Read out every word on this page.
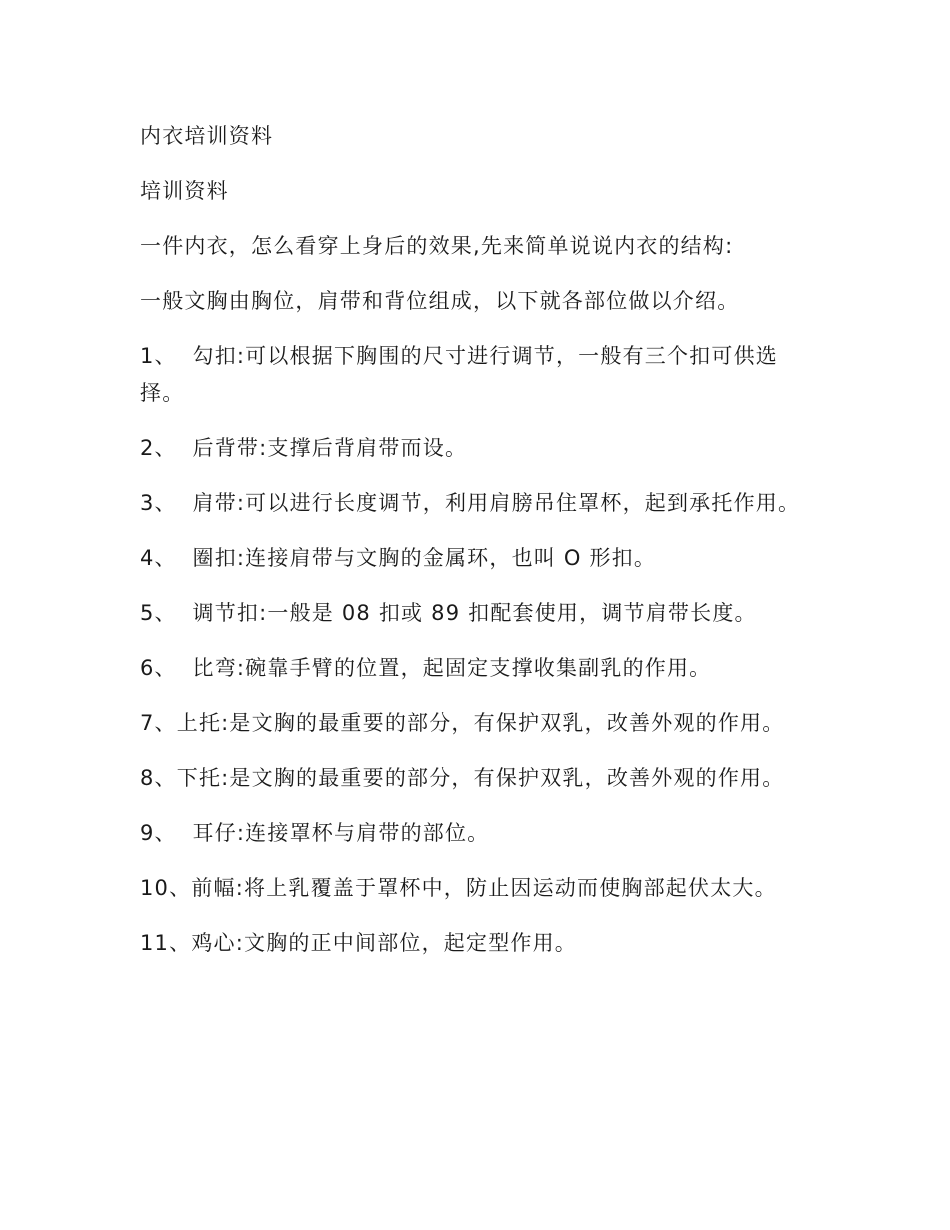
内衣培训资料

培训资料

一件内衣，怎么看穿上身后的效果,先来简单说说内衣的结构:

一般文胸由胸位，肩带和背位组成，以下就各部位做以介绍。

1、  勾扣:可以根据下胸围的尺寸进行调节，一般有三个扣可供选择。

2、  后背带:支撑后背肩带而设。

3、  肩带:可以进行长度调节，利用肩膀吊住罩杯，起到承托作用。

4、  圈扣:连接肩带与文胸的金属环，也叫 O 形扣。

5、  调节扣:一般是 08 扣或 89 扣配套使用，调节肩带长度。

6、  比弯:碗靠手臂的位置，起固定支撑收集副乳的作用。

7、上托:是文胸的最重要的部分，有保护双乳，改善外观的作用。

8、下托:是文胸的最重要的部分，有保护双乳，改善外观的作用。

9、  耳仔:连接罩杯与肩带的部位。

10、前幅:将上乳覆盖于罩杯中，防止因运动而使胸部起伏太大。

11、鸡心:文胸的正中间部位，起定型作用。
